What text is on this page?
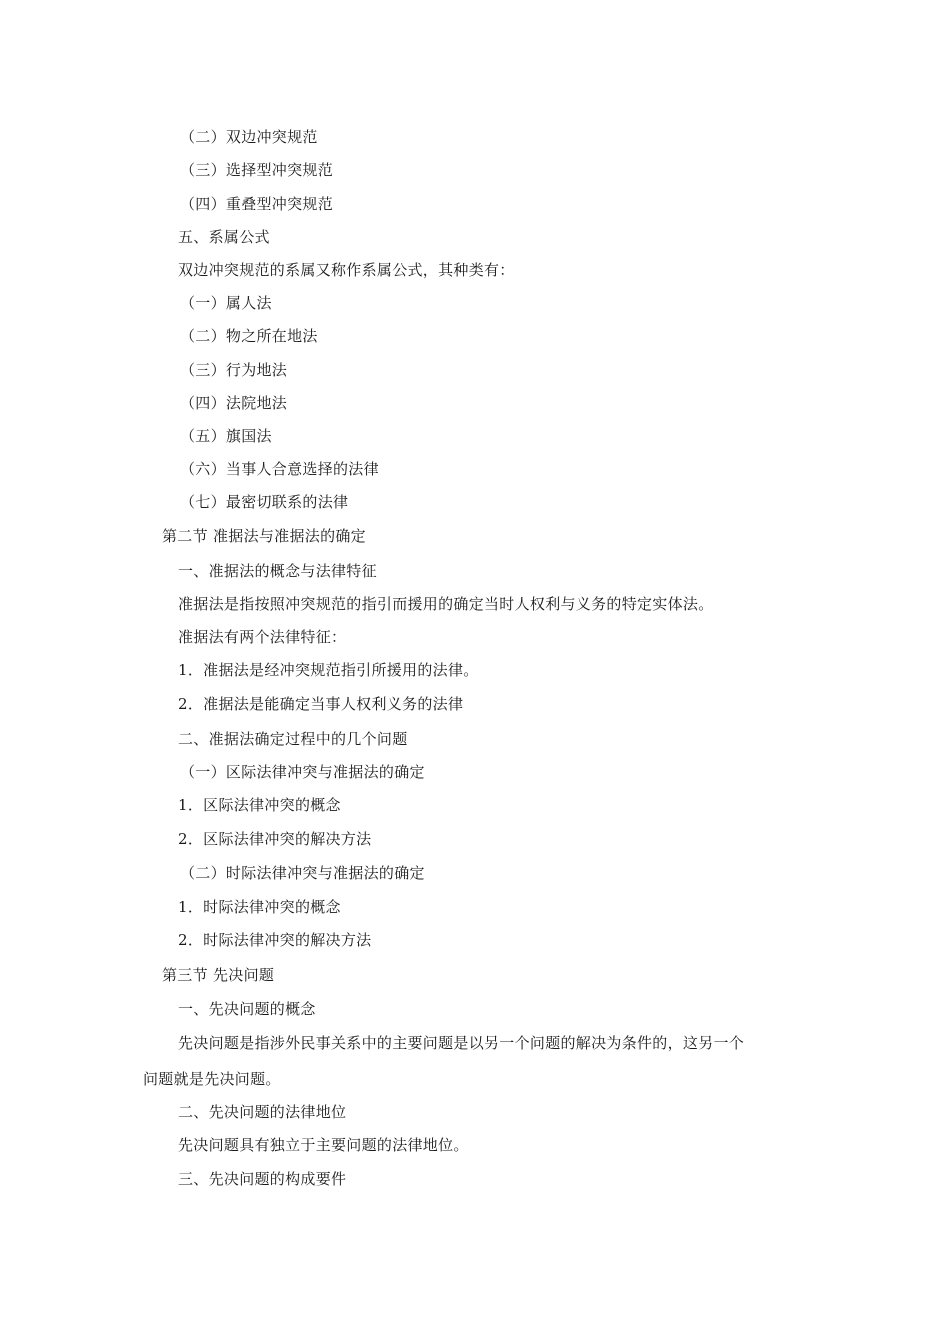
（二）双边冲突规范
（三）选择型冲突规范
（四）重叠型冲突规范
五、系属公式
双边冲突规范的系属又称作系属公式，其种类有：
（一）属人法
（二）物之所在地法
（三）行为地法
（四）法院地法
（五）旗国法
（六）当事人合意选择的法律
（七）最密切联系的法律
第二节 准据法与准据法的确定
一、准据法的概念与法律特征
准据法是指按照冲突规范的指引而援用的确定当时人权利与义务的特定实体法。
准据法有两个法律特征：
1．准据法是经冲突规范指引所援用的法律。
2．准据法是能确定当事人权利义务的法律
二、准据法确定过程中的几个问题
（一）区际法律冲突与准据法的确定
1．区际法律冲突的概念
2．区际法律冲突的解决方法
（二）时际法律冲突与准据法的确定
1．时际法律冲突的概念
2．时际法律冲突的解决方法
第三节 先决问题
一、先决问题的概念
先决问题是指涉外民事关系中的主要问题是以另一个问题的解决为条件的，这另一个
问题就是先决问题。
二、先决问题的法律地位
先决问题具有独立于主要问题的法律地位。
三、先决问题的构成要件
